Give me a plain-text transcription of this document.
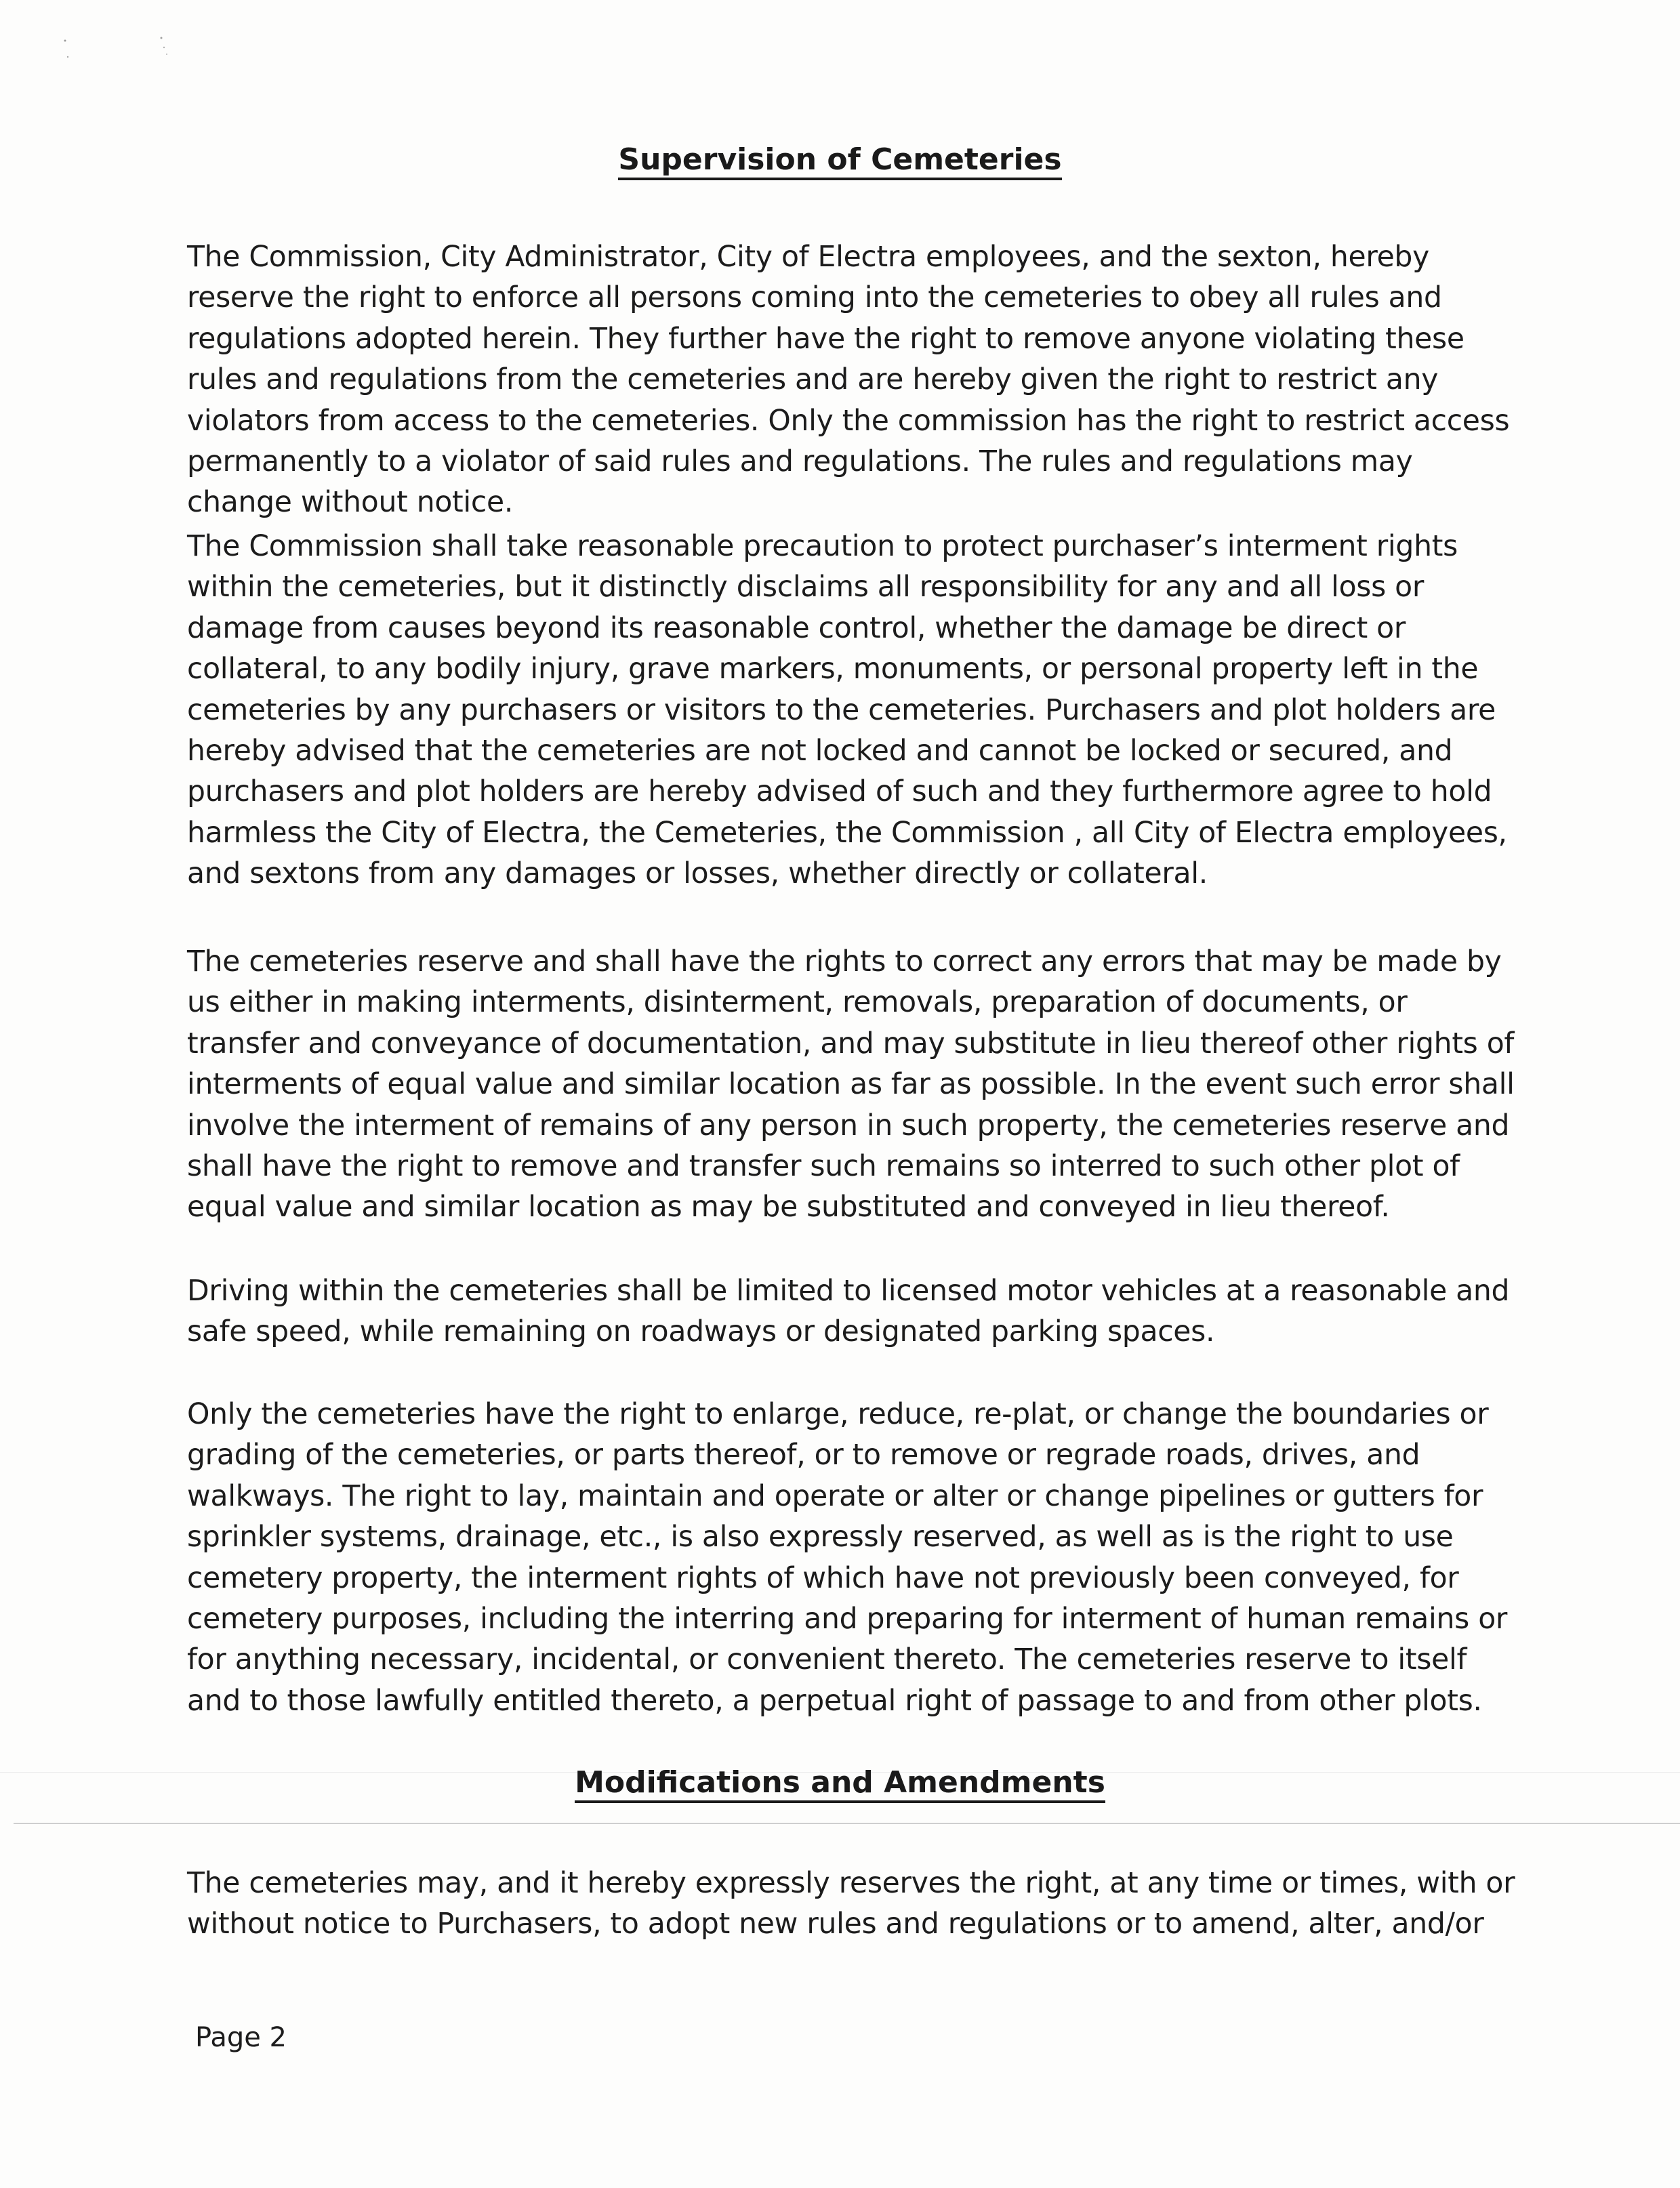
Supervision of Cemeteries

The Commission, City Administrator, City of Electra employees, and the sexton, hereby reserve the right to enforce all persons coming into the cemeteries to obey all rules and regulations adopted herein. They further have the right to remove anyone violating these rules and regulations from the cemeteries and are hereby given the right to restrict any violators from access to the cemeteries. Only the commission has the right to restrict access permanently to a violator of said rules and regulations. The rules and regulations may change without notice.

The Commission shall take reasonable precaution to protect purchaser’s interment rights within the cemeteries, but it distinctly disclaims all responsibility for any and all loss or damage from causes beyond its reasonable control, whether the damage be direct or collateral, to any bodily injury, grave markers, monuments, or personal property left in the cemeteries by any purchasers or visitors to the cemeteries. Purchasers and plot holders are hereby advised that the cemeteries are not locked and cannot be locked or secured, and purchasers and plot holders are hereby advised of such and they furthermore agree to hold harmless the City of Electra, the Cemeteries, the Commission , all City of Electra employees, and sextons from any damages or losses, whether directly or collateral.

The cemeteries reserve and shall have the rights to correct any errors that may be made by us either in making interments, disinterment, removals, preparation of documents, or transfer and conveyance of documentation, and may substitute in lieu thereof other rights of interments of equal value and similar location as far as possible. In the event such error shall involve the interment of remains of any person in such property, the cemeteries reserve and shall have the right to remove and transfer such remains so interred to such other plot of equal value and similar location as may be substituted and conveyed in lieu thereof.

Driving within the cemeteries shall be limited to licensed motor vehicles at a reasonable and safe speed, while remaining on roadways or designated parking spaces.

Only the cemeteries have the right to enlarge, reduce, re-plat, or change the boundaries or grading of the cemeteries, or parts thereof, or to remove or regrade roads, drives, and walkways. The right to lay, maintain and operate or alter or change pipelines or gutters for sprinkler systems, drainage, etc., is also expressly reserved, as well as is the right to use cemetery property, the interment rights of which have not previously been conveyed, for cemetery purposes, including the interring and preparing for interment of human remains or for anything necessary, incidental, or convenient thereto. The cemeteries reserve to itself and to those lawfully entitled thereto, a perpetual right of passage to and from other plots.

Modifications and Amendments

The cemeteries may, and it hereby expressly reserves the right, at any time or times, with or without notice to Purchasers, to adopt new rules and regulations or to amend, alter, and/or

Page 2
